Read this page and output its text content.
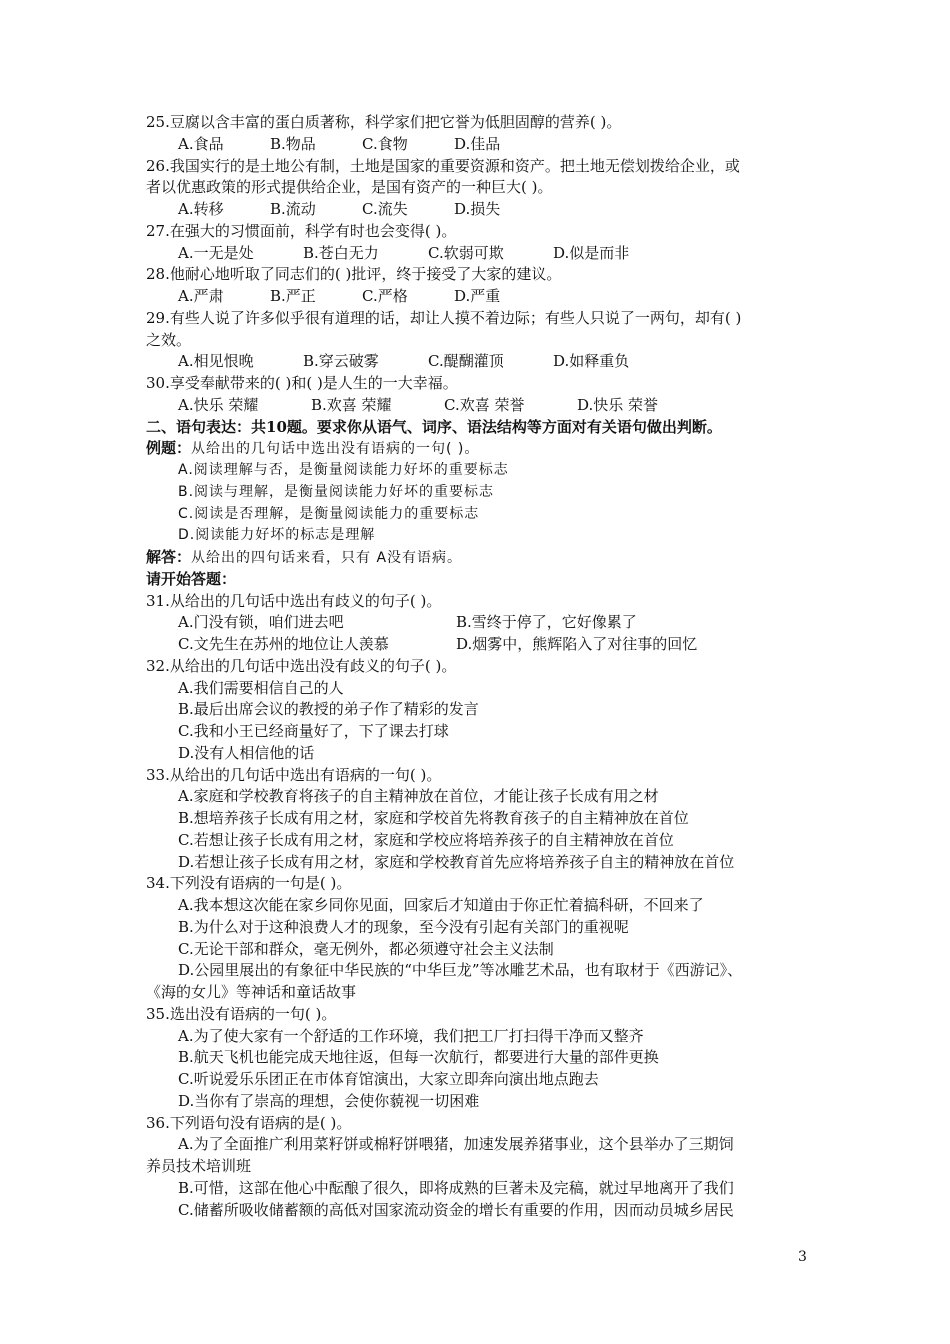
25.豆腐以含丰富的蛋白质著称，科学家们把它誉为低胆固醇的营养( )。
A.食品	B.物品	C.食物	D.佳品
26.我国实行的是土地公有制，土地是国家的重要资源和资产。把土地无偿划拨给企业，或
者以优惠政策的形式提供给企业，是国有资产的一种巨大( )。
A.转移	B.流动	C.流失	D.损失
27.在强大的习惯面前，科学有时也会变得( )。
A.一无是处	B.苍白无力	C.软弱可欺	D.似是而非
28.他耐心地听取了同志们的( )批评，终于接受了大家的建议。
A.严肃	B.严正	C.严格	D.严重
29.有些人说了许多似乎很有道理的话，却让人摸不着边际；有些人只说了一两句，却有( )
之效。
A.相见恨晚	B.穿云破雾	C.醍醐灌顶	D.如释重负
30.享受奉献带来的( )和( )是人生的一大幸福。
A.快乐 荣耀	B.欢喜 荣耀	C.欢喜 荣誉	D.快乐 荣誉
二、语句表达：共10题。要求你从语气、词序、语法结构等方面对有关语句做出判断。
例题：从给出的几句话中选出没有语病的一句( )。
A.阅读理解与否，是衡量阅读能力好坏的重要标志
B.阅读与理解，是衡量阅读能力好坏的重要标志
C.阅读是否理解，是衡量阅读能力的重要标志
D.阅读能力好坏的标志是理解
解答：从给出的四句话来看，只有 A没有语病。
请开始答题：
31.从给出的几句话中选出有歧义的句子( )。
A.门没有锁，咱们进去吧	B.雪终于停了，它好像累了
C.文先生在苏州的地位让人羡慕	D.烟雾中，熊辉陷入了对往事的回忆
32.从给出的几句话中选出没有歧义的句子( )。
A.我们需要相信自己的人
B.最后出席会议的教授的弟子作了精彩的发言
C.我和小王已经商量好了，下了课去打球
D.没有人相信他的话
33.从给出的几句话中选出有语病的一句( )。
A.家庭和学校教育将孩子的自主精神放在首位，才能让孩子长成有用之材
B.想培养孩子长成有用之材，家庭和学校首先将教育孩子的自主精神放在首位
C.若想让孩子长成有用之材，家庭和学校应将培养孩子的自主精神放在首位
D.若想让孩子长成有用之材，家庭和学校教育首先应将培养孩子自主的精神放在首位
34.下列没有语病的一句是( )。
A.我本想这次能在家乡同你见面，回家后才知道由于你正忙着搞科研，不回来了
B.为什么对于这种浪费人才的现象，至今没有引起有关部门的重视呢
C.无论干部和群众，毫无例外，都必须遵守社会主义法制
D.公园里展出的有象征中华民族的“中华巨龙”等冰雕艺术品，也有取材于《西游记》、
《海的女儿》等神话和童话故事
35.选出没有语病的一句( )。
A.为了使大家有一个舒适的工作环境，我们把工厂打扫得干净而又整齐
B.航天飞机也能完成天地往返，但每一次航行，都要进行大量的部件更换
C.听说爱乐乐团正在市体育馆演出，大家立即奔向演出地点跑去
D.当你有了崇高的理想，会使你藐视一切困难
36.下列语句没有语病的是( )。
A.为了全面推广利用菜籽饼或棉籽饼喂猪，加速发展养猪事业，这个县举办了三期饲
养员技术培训班
B.可惜，这部在他心中酝酿了很久，即将成熟的巨著未及完稿，就过早地离开了我们
C.储蓄所吸收储蓄额的高低对国家流动资金的增长有重要的作用，因而动员城乡居民
3
